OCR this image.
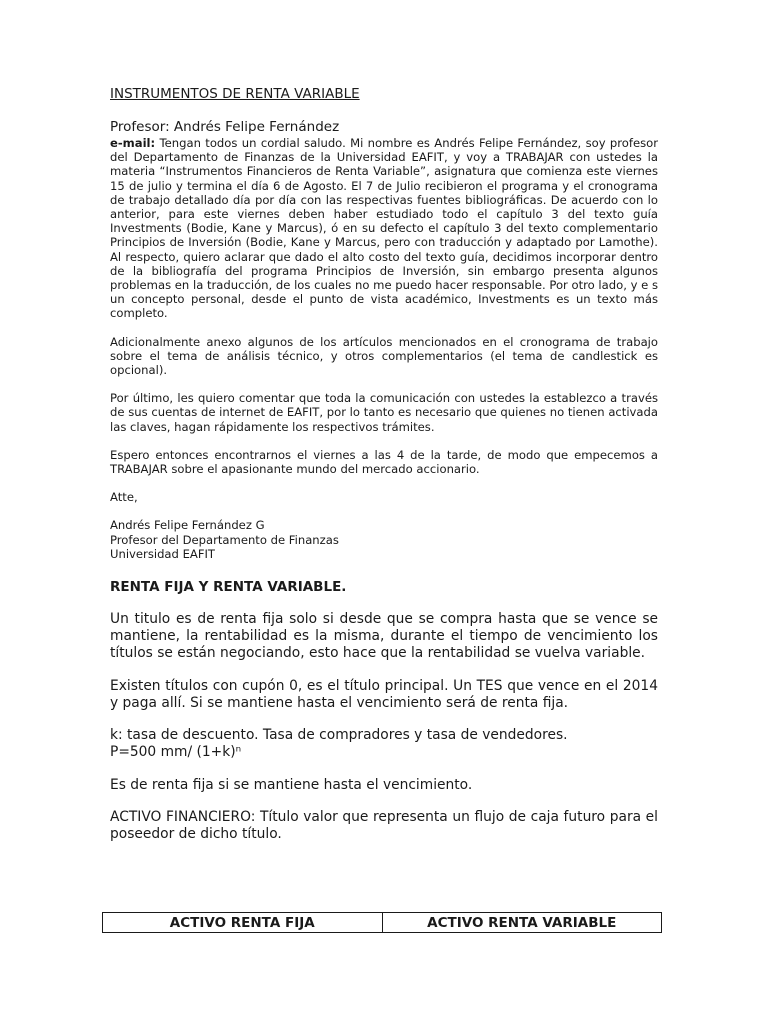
INSTRUMENTOS DE RENTA VARIABLE

Profesor: Andrés Felipe Fernández

e-mail: Tengan todos un cordial saludo. Mi nombre es Andrés Felipe Fernández, soy profesor del Departamento de Finanzas de la Universidad EAFIT, y voy a TRABAJAR con ustedes la materia “Instrumentos Financieros de Renta Variable”, asignatura que comienza este viernes 15 de julio y termina el día 6 de Agosto. El 7 de Julio recibieron el programa y el cronograma de trabajo detallado día por día con las respectivas fuentes bibliográficas. De acuerdo con lo anterior, para este viernes deben haber estudiado todo el capítulo 3 del texto guía Investments (Bodie, Kane y Marcus), ó en su defecto el capítulo 3 del texto complementario Principios de Inversión (Bodie, Kane y Marcus, pero con traducción y adaptado por Lamothe). Al respecto, quiero aclarar que dado el alto costo del texto guía, decidimos incorporar dentro de la bibliografía del programa Principios de Inversión, sin embargo presenta algunos problemas en la traducción, de los cuales no me puedo hacer responsable. Por otro lado, y e s un concepto personal, desde el punto de vista académico, Investments es un texto más completo.

Adicionalmente anexo algunos de los artículos mencionados en el cronograma de trabajo sobre el tema de análisis técnico, y otros complementarios (el tema de candlestick es opcional).

Por último, les quiero comentar que toda la comunicación con ustedes la establezco a través de sus cuentas de internet de EAFIT, por lo tanto es necesario que quienes no tienen activada las claves, hagan rápidamente los respectivos trámites.

Espero entonces encontrarnos el viernes a las 4 de la tarde, de modo que empecemos a TRABAJAR sobre el apasionante mundo del mercado accionario.

Atte,

Andrés Felipe Fernández G

Profesor del Departamento de Finanzas

Universidad EAFIT

RENTA FIJA Y RENTA VARIABLE.

Un titulo es de renta fija solo si desde que se compra hasta que se vence se mantiene, la rentabilidad es la misma, durante el tiempo de vencimiento los títulos se están negociando, esto hace que la rentabilidad se vuelva variable.

Existen títulos con cupón 0, es el título principal. Un TES que vence en el 2014 y paga allí. Si se mantiene hasta el vencimiento será de renta fija.

k: tasa de descuento. Tasa de compradores y tasa de vendedores.

P=500 mm/ (1+k)ⁿ

Es de renta fija si se mantiene hasta el vencimiento.

ACTIVO FINANCIERO: Título valor que representa un flujo de caja futuro para el poseedor de dicho título.

ACTIVO RENTA FIJA	ACTIVO RENTA VARIABLE
